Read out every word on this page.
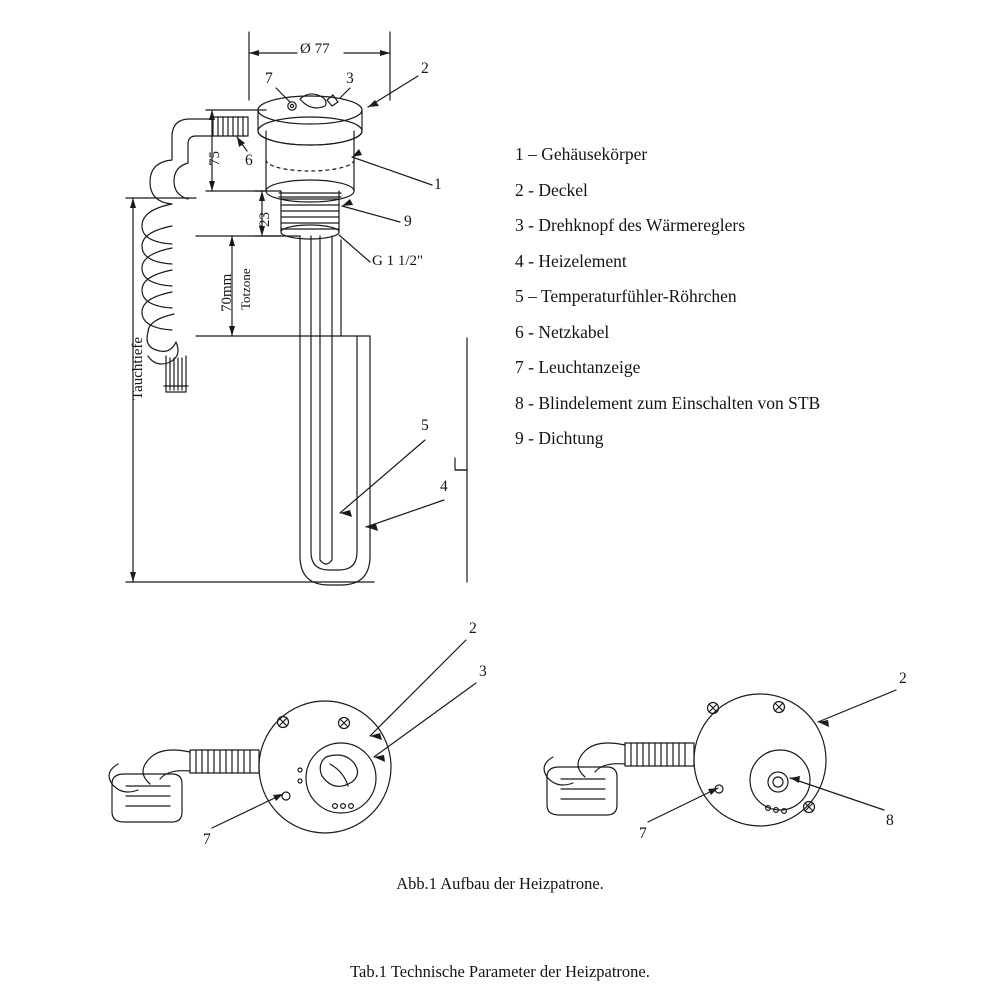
Ø 77
G 1 1/2"
75
23
70mm Totzone
Tauchtiefe
7	3
2
6
1
9
5
4
2
3
7
2
7
8
1 – Gehäusekörper
2 - Deckel
3 - Drehknopf des Wärmereglers
4 - Heizelement
5 – Temperaturfühler-Röhrchen
6 - Netzkabel
7 - Leuchtanzeige
8 - Blindelement zum Einschalten von STB
9 - Dichtung
Abb.1 Aufbau der Heizpatrone.
Tab.1 Technische Parameter der Heizpatrone.
